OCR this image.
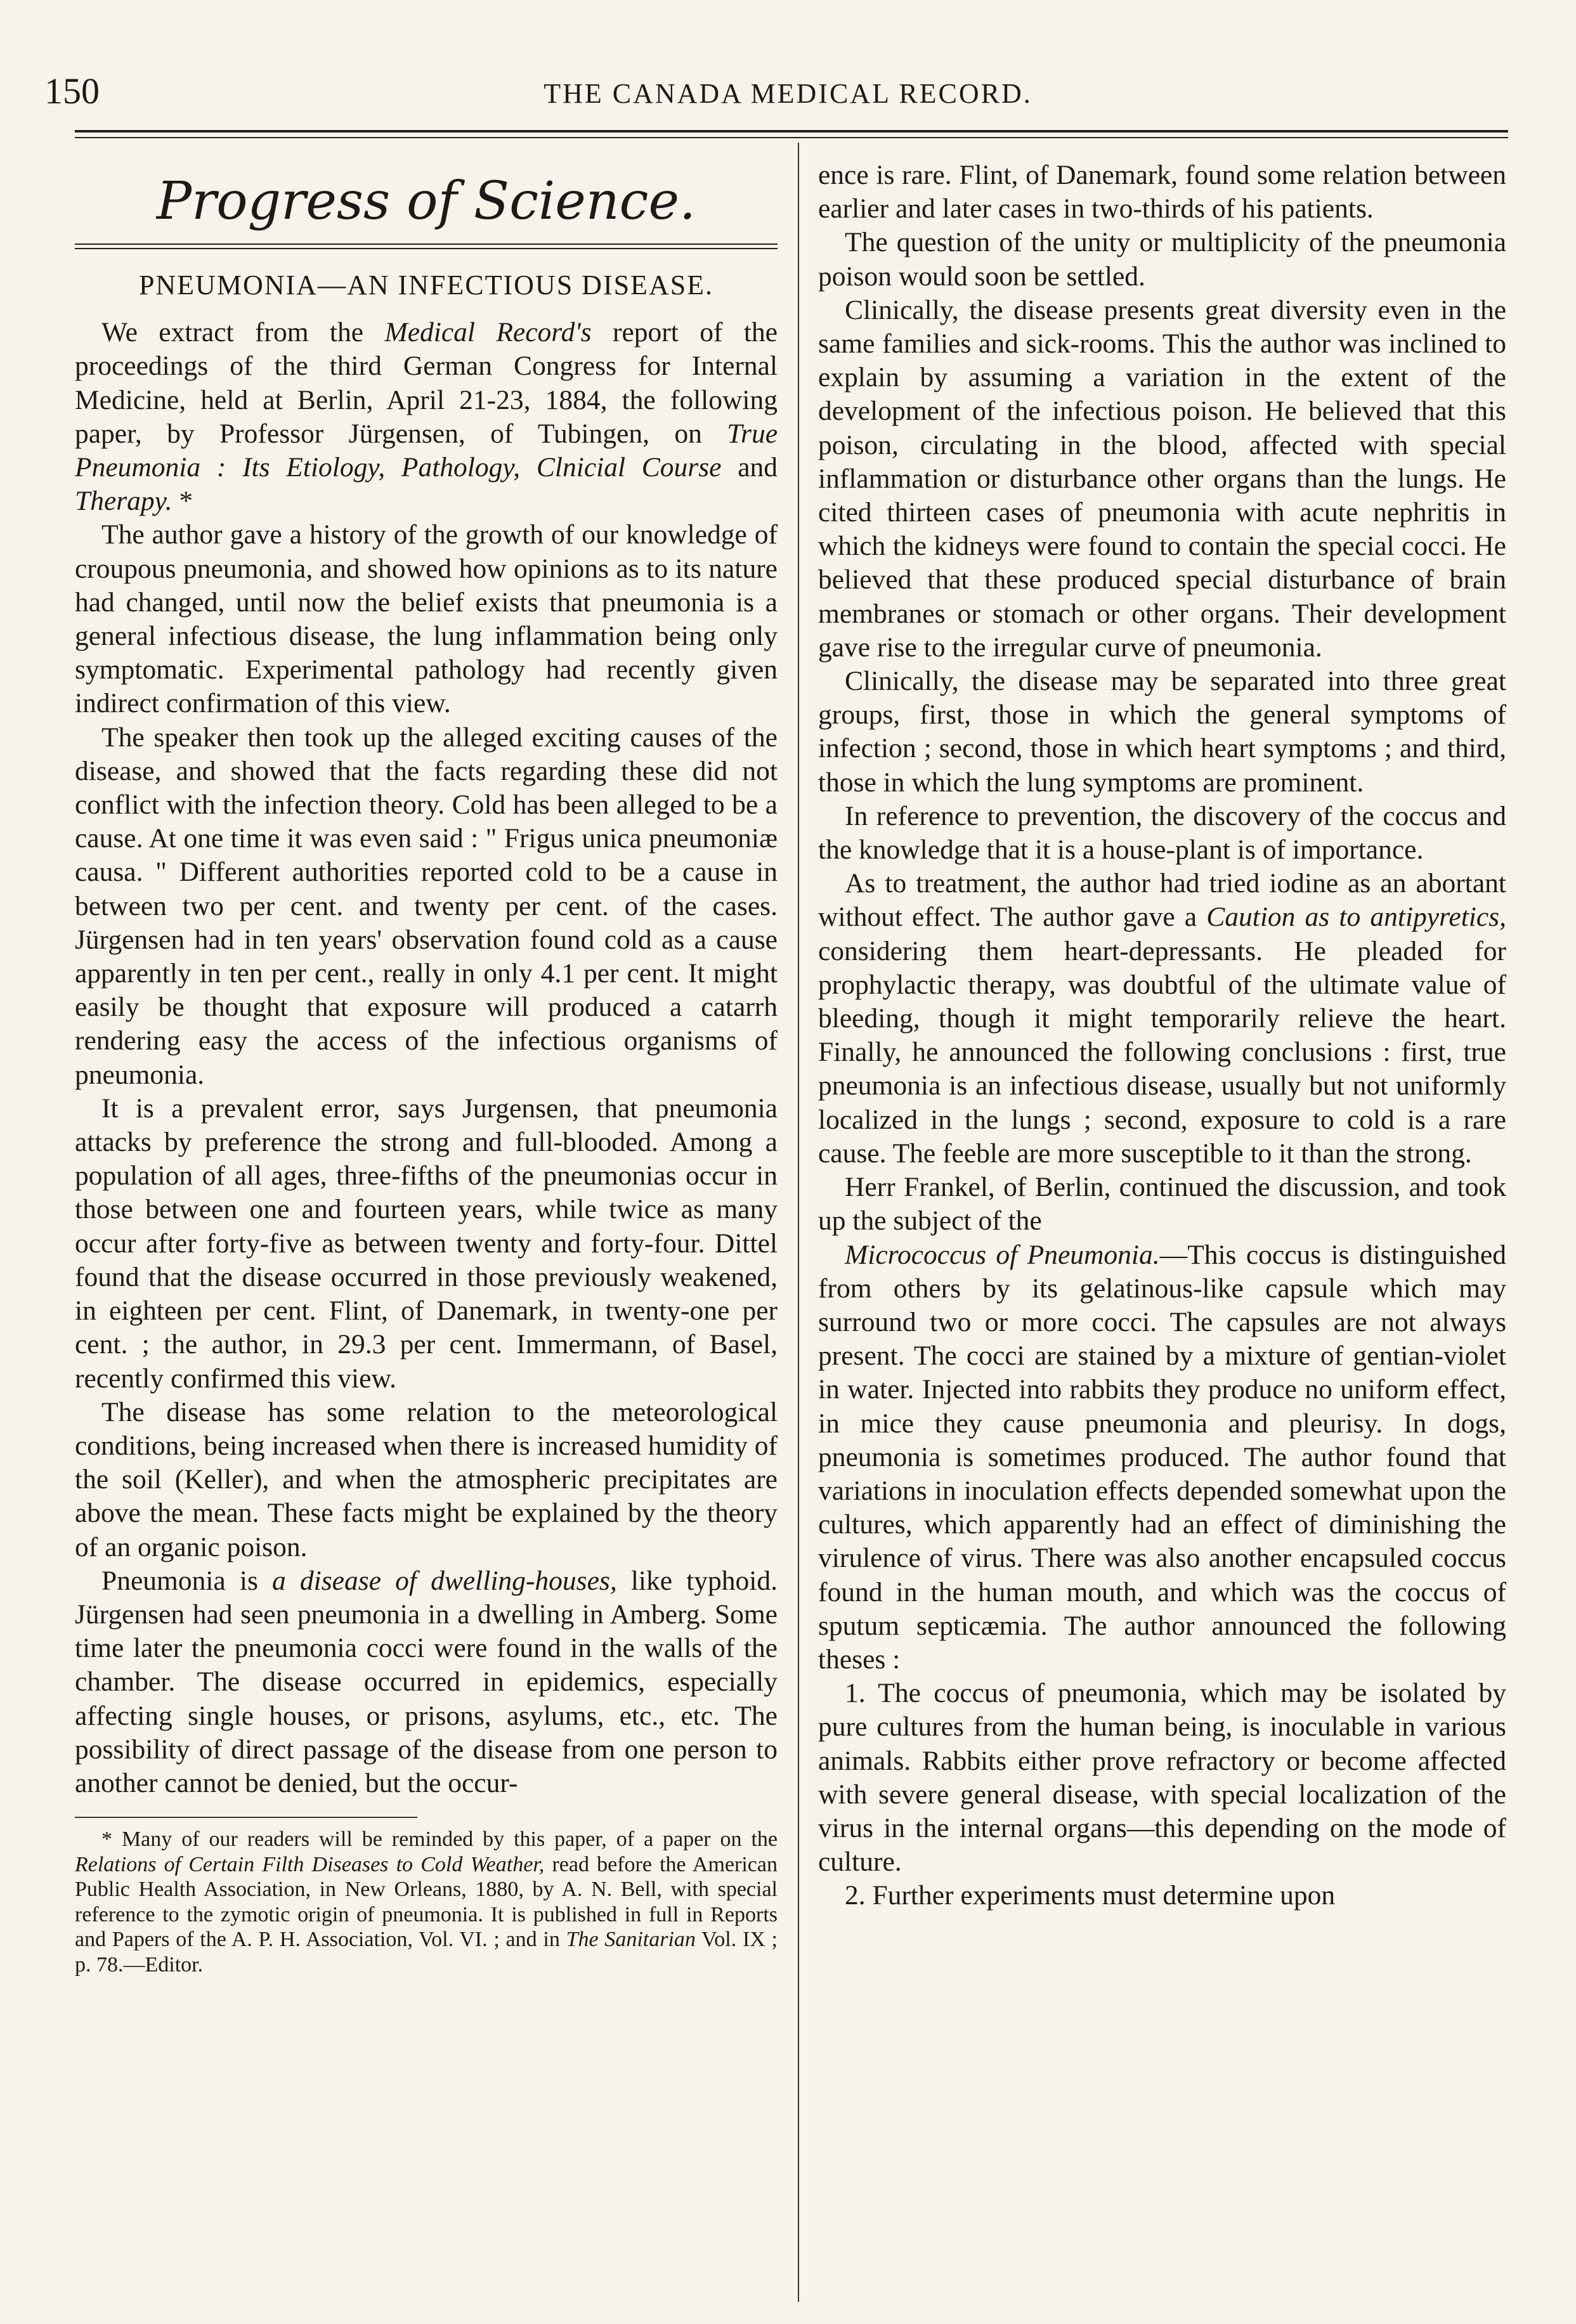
150	THE CANADA MEDICAL RECORD.
Progress of Science.
PNEUMONIA—AN INFECTIOUS DISEASE.

We extract from the Medical Record's report of the proceedings of the third German Congress for Internal Medicine, held at Berlin, April 21-23, 1884, the following paper, by Professor Jürgensen, of Tubingen, on True Pneumonia : Its Etiology, Pathology, Clnicial Course and Therapy. *

The author gave a history of the growth of our knowledge of croupous pneumonia, and showed how opinions as to its nature had changed, until now the belief exists that pneumonia is a general infectious disease, the lung inflammation being only symptomatic. Experimental pathology had recently given indirect confirmation of this view.

The speaker then took up the alleged exciting causes of the disease, and showed that the facts regarding these did not conflict with the infection theory. Cold has been alleged to be a cause. At one time it was even said : " Frigus unica pneumoniæ causa. " Different authorities reported cold to be a cause in between two per cent. and twenty per cent. of the cases. Jürgensen had in ten years' observation found cold as a cause apparently in ten per cent., really in only 4.1 per cent. It might easily be thought that exposure will produced a catarrh rendering easy the access of the infectious organisms of pneumonia.

It is a prevalent error, says Jurgensen, that pneumonia attacks by preference the strong and full-blooded. Among a population of all ages, three-fifths of the pneumonias occur in those between one and fourteen years, while twice as many occur after forty-five as between twenty and forty-four. Dittel found that the disease occurred in those previously weakened, in eighteen per cent. Flint, of Danemark, in twenty-one per cent. ; the author, in 29.3 per cent. Immermann, of Basel, recently confirmed this view.

The disease has some relation to the meteorological conditions, being increased when there is increased humidity of the soil (Keller), and when the atmospheric precipitates are above the mean. These facts might be explained by the theory of an organic poison.

Pneumonia is a disease of dwelling-houses, like typhoid. Jürgensen had seen pneumonia in a dwelling in Amberg. Some time later the pneumonia cocci were found in the walls of the chamber. The disease occurred in epidemics, especially affecting single houses, or prisons, asylums, etc., etc. The possibility of direct passage of the disease from one person to another cannot be denied, but the occur-

* Many of our readers will be reminded by this paper, of a paper on the Relations of Certain Filth Diseases to Cold Weather, read before the American Public Health Association, in New Orleans, 1880, by A. N. Bell, with special reference to the zymotic origin of pneumonia. It is published in full in Reports and Papers of the A. P. H. Association, Vol. VI. ; and in The Sanitarian Vol. IX ; p. 78.—Editor.

ence is rare. Flint, of Danemark, found some relation between earlier and later cases in two-thirds of his patients.

The question of the unity or multiplicity of the pneumonia poison would soon be settled.

Clinically, the disease presents great diversity even in the same families and sick-rooms. This the author was inclined to explain by assuming a variation in the extent of the development of the infectious poison. He believed that this poison, circulating in the blood, affected with special inflammation or disturbance other organs than the lungs. He cited thirteen cases of pneumonia with acute nephritis in which the kidneys were found to contain the special cocci. He believed that these produced special disturbance of brain membranes or stomach or other organs. Their development gave rise to the irregular curve of pneumonia.

Clinically, the disease may be separated into three great groups, first, those in which the general symptoms of infection ; second, those in which heart symptoms ; and third, those in which the lung symptoms are prominent.

In reference to prevention, the discovery of the coccus and the knowledge that it is a house-plant is of importance.

As to treatment, the author had tried iodine as an abortant without effect. The author gave a Caution as to antipyretics, considering them heart-depressants. He pleaded for prophylactic therapy, was doubtful of the ultimate value of bleeding, though it might temporarily relieve the heart. Finally, he announced the following conclusions : first, true pneumonia is an infectious disease, usually but not uniformly localized in the lungs ; second, exposure to cold is a rare cause. The feeble are more susceptible to it than the strong.

Herr Frankel, of Berlin, continued the discussion, and took up the subject of the

Micrococcus of Pneumonia.—This coccus is distinguished from others by its gelatinous-like capsule which may surround two or more cocci. The capsules are not always present. The cocci are stained by a mixture of gentian-violet in water. Injected into rabbits they produce no uniform effect, in mice they cause pneumonia and pleurisy. In dogs, pneumonia is sometimes produced. The author found that variations in inoculation effects depended somewhat upon the cultures, which apparently had an effect of diminishing the virulence of virus. There was also another encapsuled coccus found in the human mouth, and which was the coccus of sputum septicæmia. The author announced the following theses :

1. The coccus of pneumonia, which may be isolated by pure cultures from the human being, is inoculable in various animals. Rabbits either prove refractory or become affected with severe general disease, with special localization of the virus in the internal organs—this depending on the mode of culture.

2. Further experiments must determine upon
